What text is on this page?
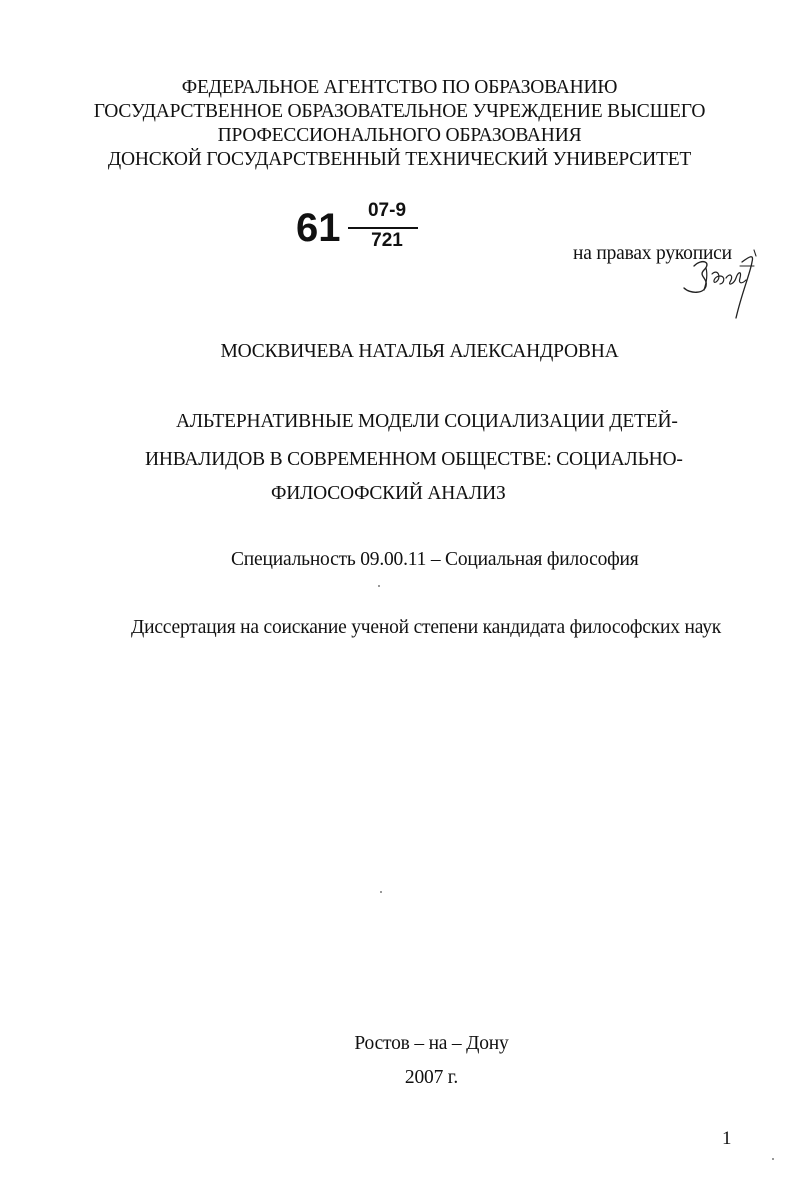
ФЕДЕРАЛЬНОЕ АГЕНТСТВО ПО ОБРАЗОВАНИЮ
ГОСУДАРСТВЕННОЕ ОБРАЗОВАТЕЛЬНОЕ УЧРЕЖДЕНИЕ ВЫСШЕГО
ПРОФЕССИОНАЛЬНОГО ОБРАЗОВАНИЯ
ДОНСКОЙ ГОСУДАРСТВЕННЫЙ ТЕХНИЧЕСКИЙ УНИВЕРСИТЕТ
61	07-9
721
на правах рукописи
МОСКВИЧЕВА НАТАЛЬЯ АЛЕКСАНДРОВНА
АЛЬТЕРНАТИВНЫЕ МОДЕЛИ СОЦИАЛИЗАЦИИ ДЕТЕЙ-
ИНВАЛИДОВ В СОВРЕМЕННОМ ОБЩЕСТВЕ: СОЦИАЛЬНО-
ФИЛОСОФСКИЙ АНАЛИЗ
Специальность 09.00.11 – Социальная философия
Диссертация на соискание ученой степени кандидата философских наук
Ростов – на – Дону
2007 г.
1
